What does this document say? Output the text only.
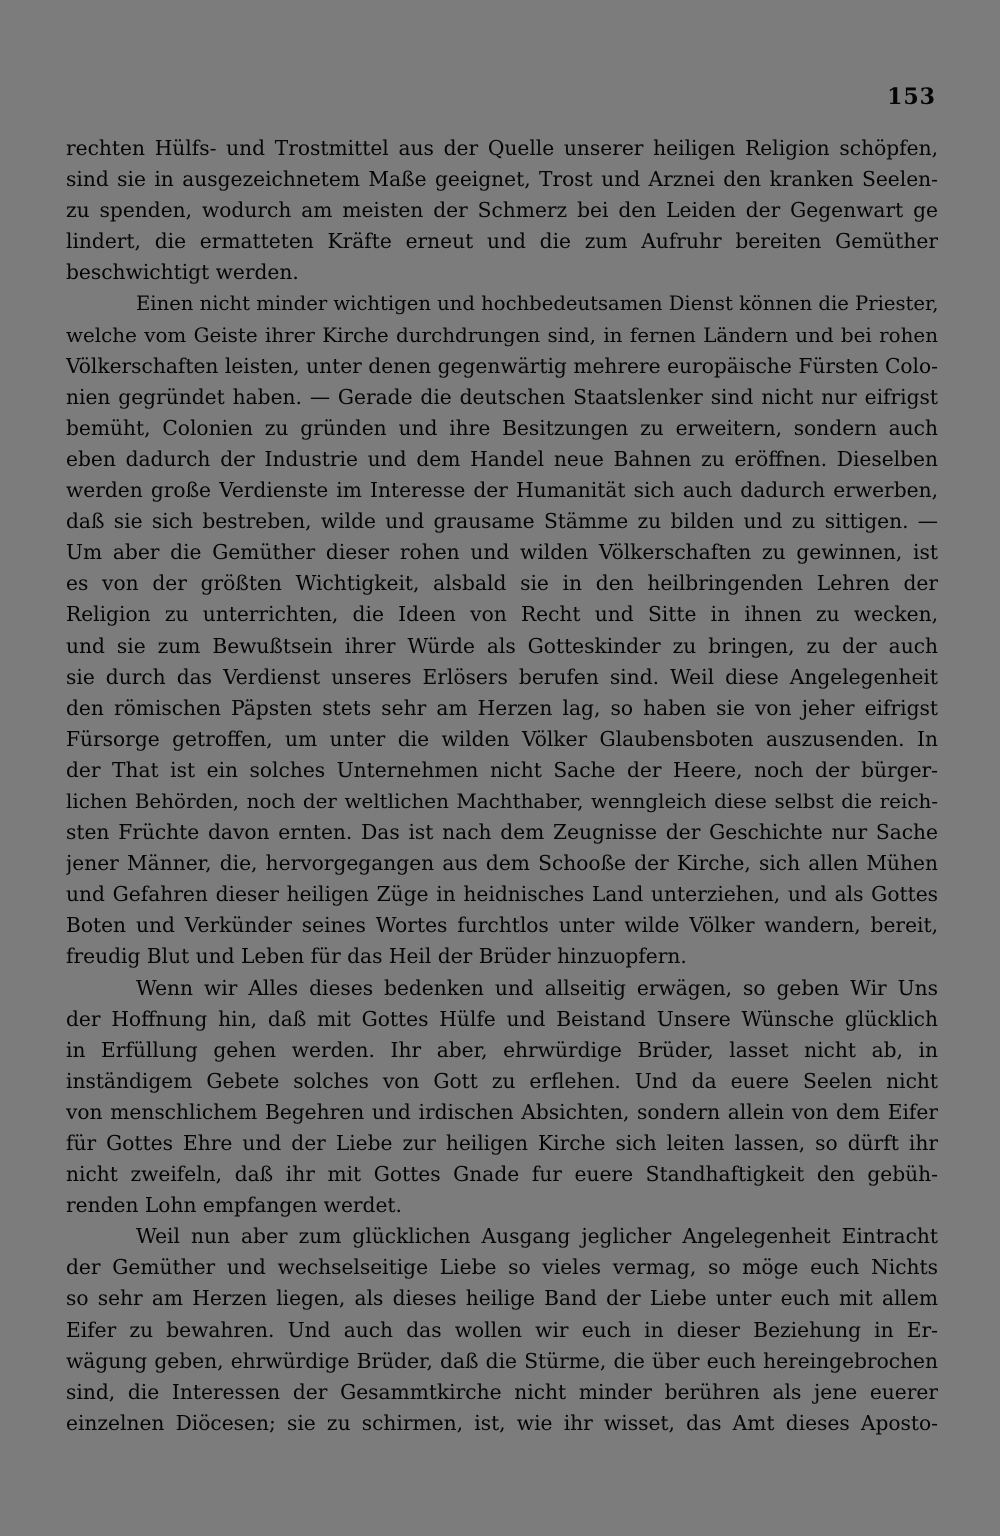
153
rechten Hülfs- und Trostmittel aus der Quelle unserer heiligen Religion schöpfen,
sind sie in ausgezeichnetem Maße geeignet, Trost und Arznei den kranken Seelen-
zu spenden, wodurch am meisten der Schmerz bei den Leiden der Gegenwart ge
lindert, die ermatteten Kräfte erneut und die zum Aufruhr bereiten Gemüther
beschwichtigt werden.
Einen nicht minder wichtigen und hochbedeutsamen Dienst können die Priester,
welche vom Geiste ihrer Kirche durchdrungen sind, in fernen Ländern und bei rohen
Völkerschaften leisten, unter denen gegenwärtig mehrere europäische Fürsten Colo-
nien gegründet haben. — Gerade die deutschen Staatslenker sind nicht nur eifrigst
bemüht, Colonien zu gründen und ihre Besitzungen zu erweitern, sondern auch
eben dadurch der Industrie und dem Handel neue Bahnen zu eröffnen. Dieselben
werden große Verdienste im Interesse der Humanität sich auch dadurch erwerben,
daß sie sich bestreben, wilde und grausame Stämme zu bilden und zu sittigen. —
Um aber die Gemüther dieser rohen und wilden Völkerschaften zu gewinnen, ist
es von der größten Wichtigkeit, alsbald sie in den heilbringenden Lehren der
Religion zu unterrichten, die Ideen von Recht und Sitte in ihnen zu wecken,
und sie zum Bewußtsein ihrer Würde als Gotteskinder zu bringen, zu der auch
sie durch das Verdienst unseres Erlösers berufen sind. Weil diese Angelegenheit
den römischen Päpsten stets sehr am Herzen lag, so haben sie von jeher eifrigst
Fürsorge getroffen, um unter die wilden Völker Glaubensboten auszusenden. In
der That ist ein solches Unternehmen nicht Sache der Heere, noch der bürger-
lichen Behörden, noch der weltlichen Machthaber, wenngleich diese selbst die reich-
sten Früchte davon ernten. Das ist nach dem Zeugnisse der Geschichte nur Sache
jener Männer, die, hervorgegangen aus dem Schooße der Kirche, sich allen Mühen
und Gefahren dieser heiligen Züge in heidnisches Land unterziehen, und als Gottes
Boten und Verkünder seines Wortes furchtlos unter wilde Völker wandern, bereit,
freudig Blut und Leben für das Heil der Brüder hinzuopfern.
Wenn wir Alles dieses bedenken und allseitig erwägen, so geben Wir Uns
der Hoffnung hin, daß mit Gottes Hülfe und Beistand Unsere Wünsche glücklich
in Erfüllung gehen werden. Ihr aber, ehrwürdige Brüder, lasset nicht ab, in
inständigem Gebete solches von Gott zu erflehen. Und da euere Seelen nicht
von menschlichem Begehren und irdischen Absichten, sondern allein von dem Eifer
für Gottes Ehre und der Liebe zur heiligen Kirche sich leiten lassen, so dürft ihr
nicht zweifeln, daß ihr mit Gottes Gnade fur euere Standhaftigkeit den gebüh-
renden Lohn empfangen werdet.
Weil nun aber zum glücklichen Ausgang jeglicher Angelegenheit Eintracht
der Gemüther und wechselseitige Liebe so vieles vermag, so möge euch Nichts
so sehr am Herzen liegen, als dieses heilige Band der Liebe unter euch mit allem
Eifer zu bewahren. Und auch das wollen wir euch in dieser Beziehung in Er-
wägung geben, ehrwürdige Brüder, daß die Stürme, die über euch hereingebrochen
sind, die Interessen der Gesammtkirche nicht minder berühren als jene euerer
einzelnen Diöcesen; sie zu schirmen, ist, wie ihr wisset, das Amt dieses Aposto-
